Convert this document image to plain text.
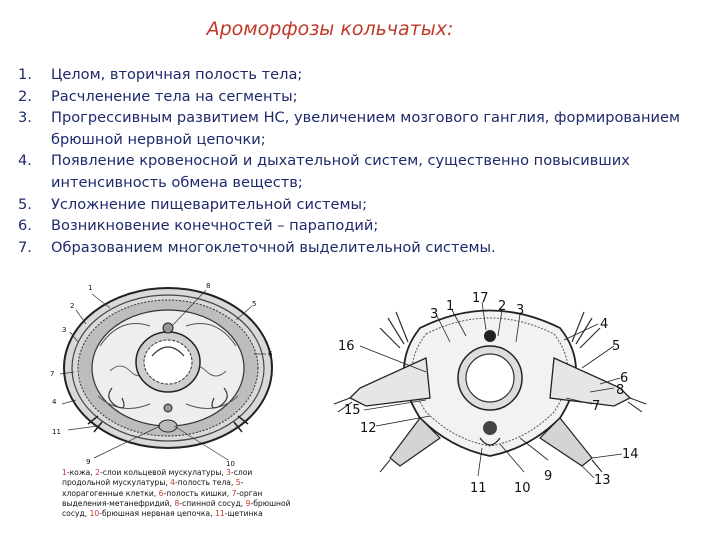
Ароморфозы кольчатых:
1. Целом, вторичная полость тела;
2. Расчленение тела на сегменты;
3. Прогрессивным развитием НС, увеличением мозгового ганглия, формированием брюшной нервной цепочки;
4. Появление кровеносной и дыхательной систем, существенно повысивших интенсивность обмена веществ;
5. Усложнение пищеварительной системы;
6. Возникновение конечностей – параподий;
7. Образованием многоклеточной выделительной системы.
1
2
3
4
5
6
7
8
9	10
11
1-кожа, 2-слои кольцевой мускулатуры, 3-слои продольной мускулатуры, 4-полость тела, 5-хлорагогенные клетки, 6-полость кишки, 7-орган выделения-метанефридий, 8-спинной сосуд, 9-брюшной сосуд, 10-брюшная нервная цепочка, 11-щетинка
17
1	2 3
3
4
5
6
8
7
16
15
12
14
13
9
10
11
